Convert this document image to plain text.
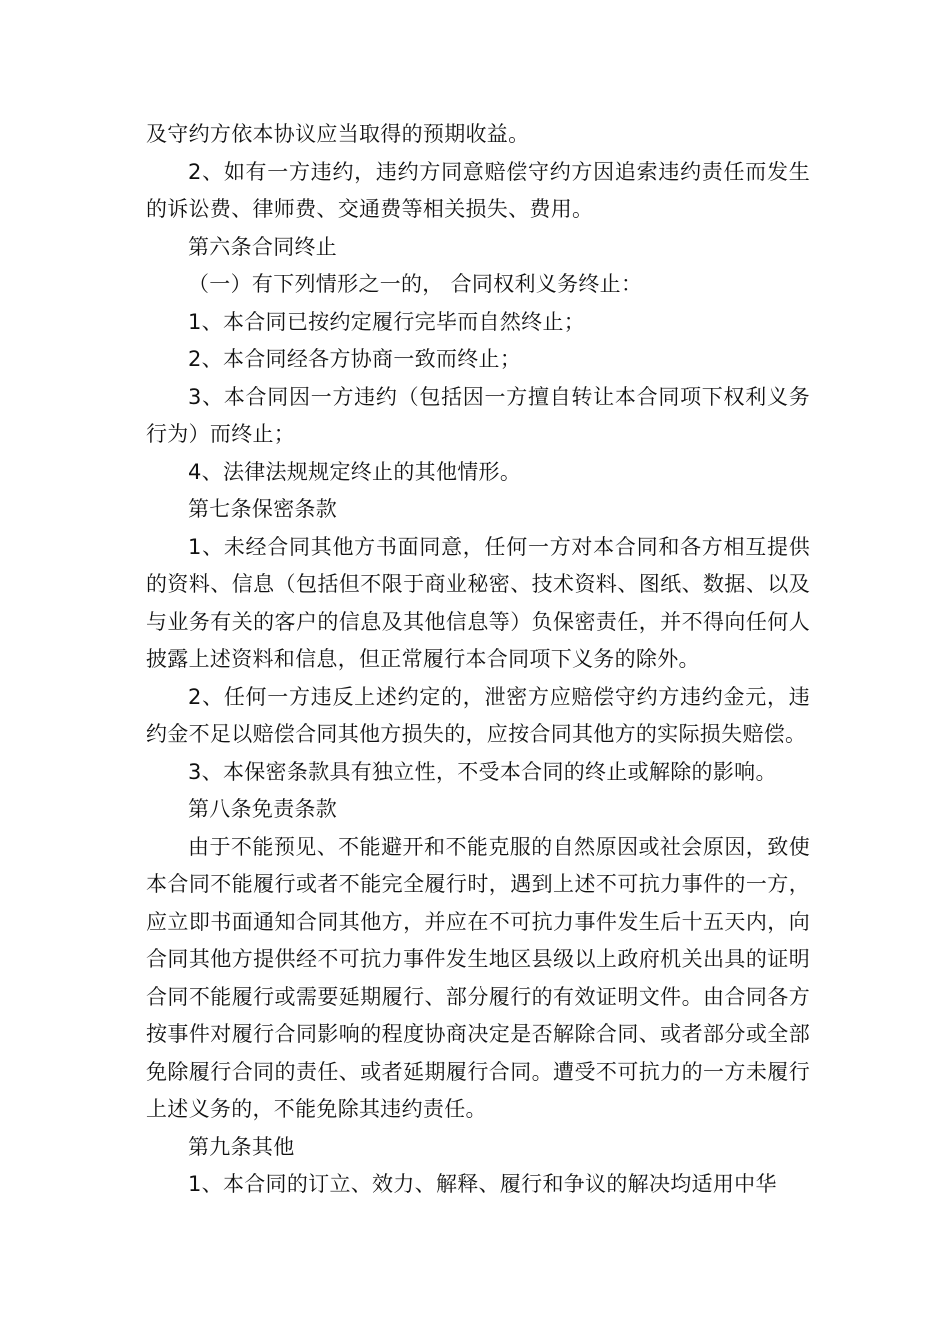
及守约方依本协议应当取得的预期收益。

2、如有一方违约，违约方同意赔偿守约方因追索违约责任而发生的诉讼费、律师费、交通费等相关损失、费用。

第六条合同终止

（一）有下列情形之一的， 合同权利义务终止：

1、本合同已按约定履行完毕而自然终止；

2、本合同经各方协商一致而终止；

3、本合同因一方违约（包括因一方擅自转让本合同项下权利义务行为）而终止；

4、法律法规规定终止的其他情形。

第七条保密条款

1、未经合同其他方书面同意，任何一方对本合同和各方相互提供的资料、信息（包括但不限于商业秘密、技术资料、图纸、数据、以及与业务有关的客户的信息及其他信息等）负保密责任，并不得向任何人披露上述资料和信息，但正常履行本合同项下义务的除外。

2、任何一方违反上述约定的，泄密方应赔偿守约方违约金元，违约金不足以赔偿合同其他方损失的，应按合同其他方的实际损失赔偿。

3、本保密条款具有独立性，不受本合同的终止或解除的影响。

第八条免责条款

由于不能预见、不能避开和不能克服的自然原因或社会原因，致使本合同不能履行或者不能完全履行时，遇到上述不可抗力事件的一方，应立即书面通知合同其他方，并应在不可抗力事件发生后十五天内，向合同其他方提供经不可抗力事件发生地区县级以上政府机关出具的证明合同不能履行或需要延期履行、部分履行的有效证明文件。由合同各方按事件对履行合同影响的程度协商决定是否解除合同、或者部分或全部免除履行合同的责任、或者延期履行合同。遭受不可抗力的一方未履行上述义务的，不能免除其违约责任。

第九条其他

1、本合同的订立、效力、解释、履行和争议的解决均适用中华
